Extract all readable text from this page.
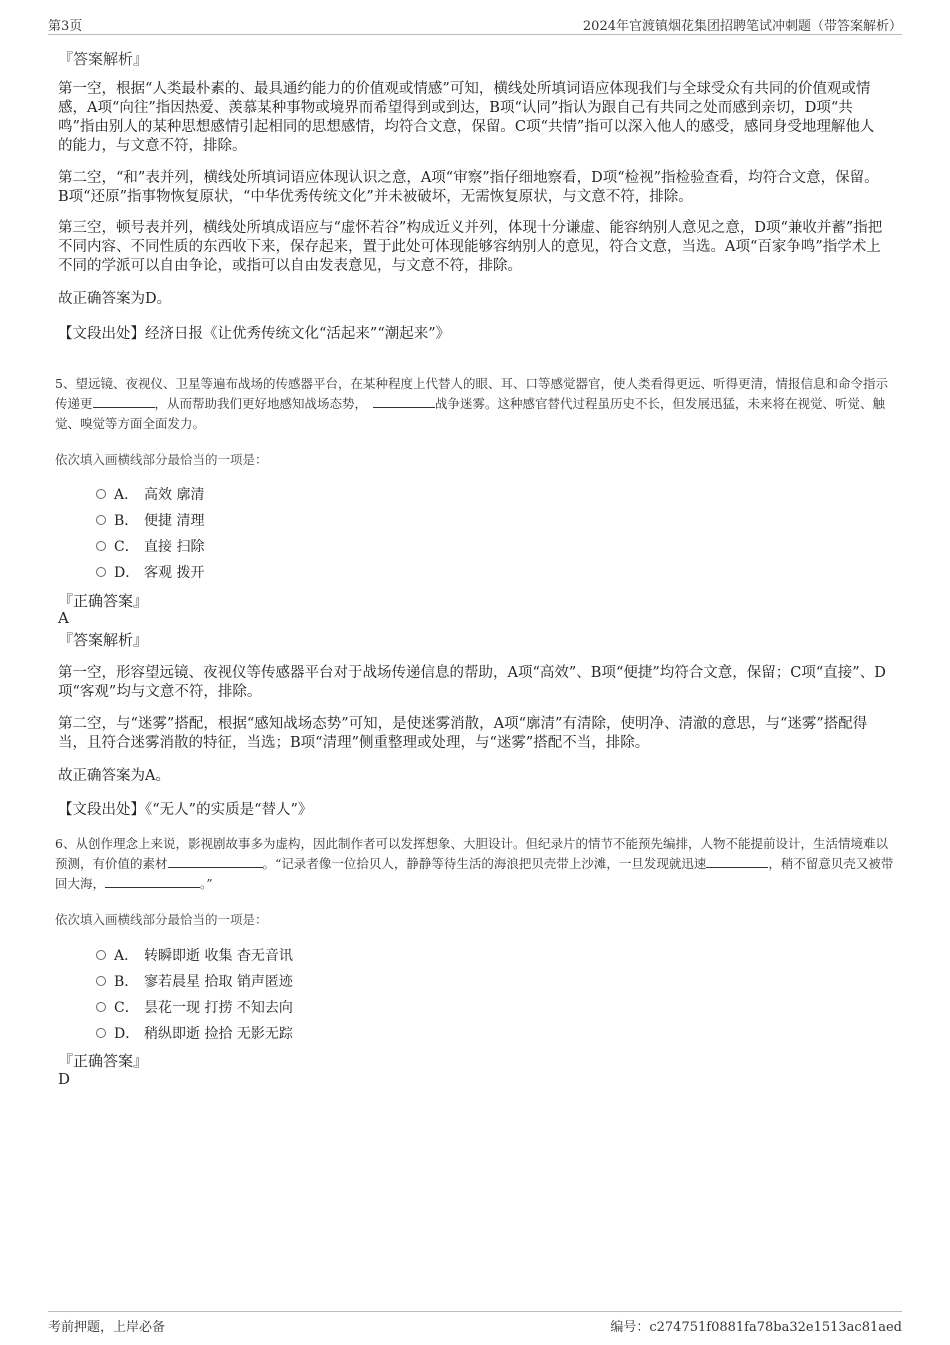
第3页	2024年官渡镇烟花集团招聘笔试冲刺题（带答案解析）
『答案解析』

第一空，根据“人类最朴素的、最具通约能力的价值观或情感”可知，横线处所填词语应体现我们与全球受众有共同的价值观或情感，A项“向往”指因热爱、羡慕某种事物或境界而希望得到或到达，B项“认同”指认为跟自己有共同之处而感到亲切，D项“共鸣”指由别人的某种思想感情引起相同的思想感情，均符合文意，保留。C项“共情”指可以深入他人的感受，感同身受地理解他人的能力，与文意不符，排除。

第二空，“和”表并列，横线处所填词语应体现认识之意，A项“审察”指仔细地察看，D项“检视”指检验查看，均符合文意，保留。B项“还原”指事物恢复原状，“中华优秀传统文化”并未被破坏，无需恢复原状，与文意不符，排除。

第三空，顿号表并列，横线处所填成语应与“虚怀若谷”构成近义并列，体现十分谦虚、能容纳别人意见之意，D项“兼收并蓄”指把不同内容、不同性质的东西收下来，保存起来，置于此处可体现能够容纳别人的意见，符合文意，当选。A项“百家争鸣”指学术上不同的学派可以自由争论，或指可以自由发表意见，与文意不符，排除。

故正确答案为D。
【文段出处】经济日报《让优秀传统文化“活起来”“潮起来”》

5、望远镜、夜视仪、卫星等遍布战场的传感器平台，在某种程度上代替人的眼、耳、口等感觉器官，使人类看得更远、听得更清，情报信息和命令指示传递更	，从而帮助我们更好地感知战场态势，	战争迷雾。这种感官替代过程虽历史不长，但发展迅猛，未来将在视觉、听觉、触觉、嗅觉等方面全面发力。

依次填入画横线部分最恰当的一项是：
A． 高效 廓清
B． 便捷 清理
C． 直接 扫除
D． 客观 拨开
『正确答案』
A
『答案解析』

第一空，形容望远镜、夜视仪等传感器平台对于战场传递信息的帮助，A项“高效”、B项“便捷”均符合文意，保留；C项“直接”、D项“客观”均与文意不符，排除。

第二空，与“迷雾”搭配，根据“感知战场态势”可知，是使迷雾消散，A项“廓清”有清除，使明净、清澈的意思，与“迷雾”搭配得当，且符合迷雾消散的特征，当选；B项“清理”侧重整理或处理，与“迷雾”搭配不当，排除。

故正确答案为A。
【文段出处】《“无人”的实质是“替人”》

6、从创作理念上来说，影视剧故事多为虚构，因此制作者可以发挥想象、大胆设计。但纪录片的情节不能预先编排，人物不能提前设计，生活情境难以预测，有价值的素材	。“记录者像一位拾贝人，静静等待生活的海浪把贝壳带上沙滩，一旦发现就迅速	，稍不留意贝壳又被带回大海，	。”

依次填入画横线部分最恰当的一项是：
A． 转瞬即逝 收集 杳无音讯
B． 寥若晨星 拾取 销声匿迹
C． 昙花一现 打捞 不知去向
D． 稍纵即逝 捡拾 无影无踪
『正确答案』
D
考前押题，上岸必备	编号：c274751f0881fa78ba32e1513ac81aed
